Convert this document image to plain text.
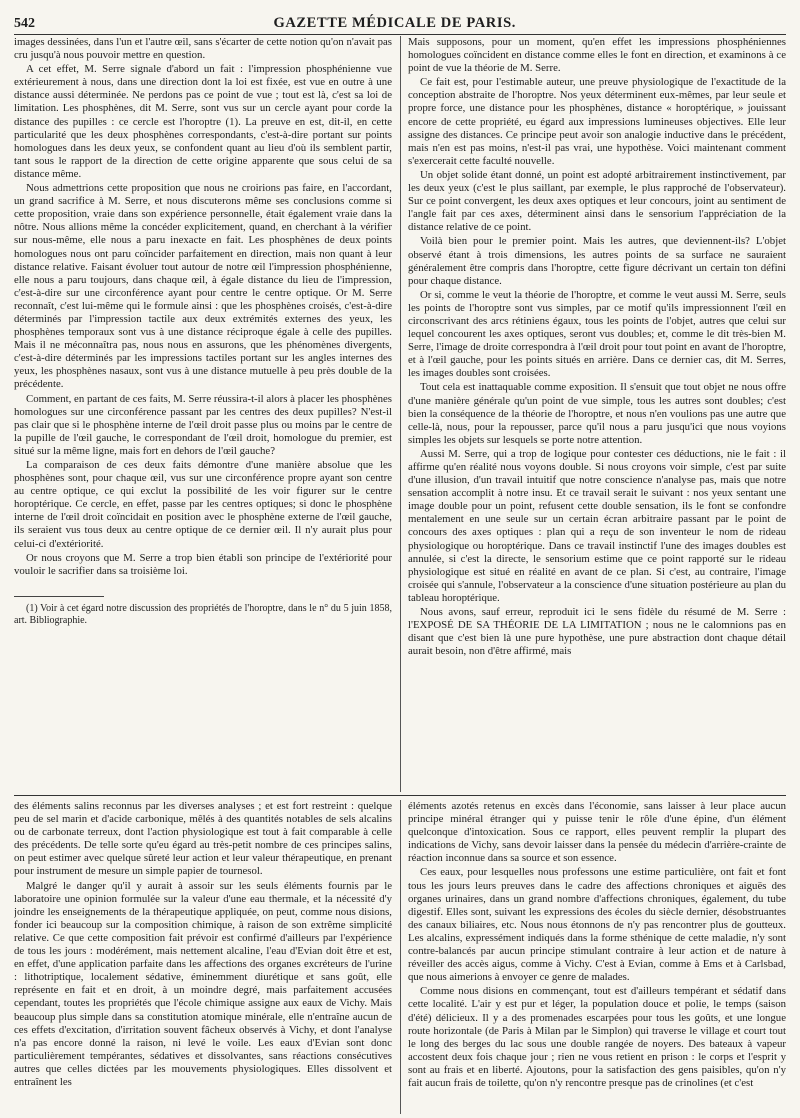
542	GAZETTE MÉDICALE DE PARIS.

images dessinées, dans l'un et l'autre œil, sans s'écarter de cette notion qu'on n'avait pas cru jusqu'à nous pouvoir mettre en question.

A cet effet, M. Serre signale d'abord un fait : l'impression phosphénienne vue extérieurement à nous, dans une direction dont la loi est fixée, est vue en outre à une distance aussi déterminée. Ne perdons pas ce point de vue ; tout est là, c'est sa loi de limitation. Les phosphènes, dit M. Serre, sont vus sur un cercle ayant pour corde la distance des pupilles : ce cercle est l'horoptre (1). La preuve en est, dit-il, en cette particularité que les deux phosphènes correspondants, c'est-à-dire portant sur points homologues dans les deux yeux, se confondent quant au lieu d'où ils semblent partir, tant sous le rapport de la direction de cette origine apparente que sous celui de sa distance même.

Nous admettrions cette proposition que nous ne croirions pas faire, en l'accordant, un grand sacrifice à M. Serre, et nous discuterons même ses conclusions comme si cette proposition, vraie dans son expérience personnelle, était également vraie dans la nôtre. Nous allions même la concéder explicitement, quand, en cherchant à la vérifier sur nous-même, elle nous a paru inexacte en fait. Les phosphènes de deux points homologues nous ont paru coïncider parfaitement en direction, mais non quant à leur distance relative. Faisant évoluer tout autour de notre œil l'impression phosphénienne, elle nous a paru toujours, dans chaque œil, à égale distance du lieu de l'impression, c'est-à-dire sur une circonférence ayant pour centre le centre optique. Or M. Serre reconnaît, c'est lui-même qui le formule ainsi : que les phosphènes croisés, c'est-à-dire déterminés par l'impression tactile aux deux extrémités externes des yeux, les phosphènes temporaux sont vus à une distance réciproque égale à celle des pupilles. Mais il ne méconnaîtra pas, nous nous en assurons, que les phénomènes divergents, c'est-à-dire déterminés par les impressions tactiles portant sur les angles internes des yeux, les phosphènes nasaux, sont vus à une distance mutuelle à peu près double de la précédente.

Comment, en partant de ces faits, M. Serre réussira-t-il alors à placer les phosphènes homologues sur une circonférence passant par les centres des deux pupilles? N'est-il pas clair que si le phosphène interne de l'œil droit passe plus ou moins par le centre de la pupille de l'œil gauche, le correspondant de l'œil droit, homologue du premier, est situé sur la même ligne, mais fort en dehors de l'œil gauche?

La comparaison de ces deux faits démontre d'une manière absolue que les phosphènes sont, pour chaque œil, vus sur une circonférence propre ayant son centre au centre optique, ce qui exclut la possibilité de les voir figurer sur le centre horoptérique. Ce cercle, en effet, passe par les centres optiques; si donc le phosphène interne de l'œil droit coïncidait en position avec le phosphène externe de l'œil gauche, ils seraient vus tous deux au centre optique de ce dernier œil. Il n'y aurait plus pour celui-ci d'extériorité.

Or nous croyons que M. Serre a trop bien établi son principe de l'extériorité pour vouloir le sacrifier dans sa troisième loi.

(1) Voir à cet égard notre discussion des propriétés de l'horoptre, dans le n° du 5 juin 1858, art. Bibliographie.

Mais supposons, pour un moment, qu'en effet les impressions phosphéniennes homologues coïncident en distance comme elles le font en direction, et examinons à ce point de vue la théorie de M. Serre.

Ce fait est, pour l'estimable auteur, une preuve physiologique de l'exactitude de la conception abstraite de l'horoptre. Nos yeux déterminent eux-mêmes, par leur seule et propre force, une distance pour les phosphènes, distance « horoptérique, » jouissant encore de cette propriété, eu égard aux impressions lumineuses objectives. Elle leur assigne des distances. Ce principe peut avoir son analogie inductive dans le précédent, mais n'en est pas moins, n'est-il pas vrai, une hypothèse. Voici maintenant comment s'exercerait cette faculté nouvelle.

Un objet solide étant donné, un point est adopté arbitrairement instinctivement, par les deux yeux (c'est le plus saillant, par exemple, le plus rapproché de l'observateur). Sur ce point convergent, les deux axes optiques et leur concours, joint au sentiment de l'angle fait par ces axes, déterminent ainsi dans le sensorium l'appréciation de la distance relative de ce point.

Voilà bien pour le premier point. Mais les autres, que deviennent-ils? L'objet observé étant à trois dimensions, les autres points de sa surface ne sauraient généralement être compris dans l'horoptre, cette figure décrivant un certain ton défini pour chaque distance.

Or si, comme le veut la théorie de l'horoptre, et comme le veut aussi M. Serre, seuls les points de l'horoptre sont vus simples, par ce motif qu'ils impressionnent l'œil en circonscrivant des arcs rétiniens égaux, tous les points de l'objet, autres que celui sur lequel concourent les axes optiques, seront vus doubles; et, comme le dit très-bien M. Serre, l'image de droite correspondra à l'œil droit pour tout point en avant de l'horoptre, et à l'œil gauche, pour les points situés en arrière. Dans ce dernier cas, dit M. Serres, les images doubles sont croisées.

Tout cela est inattaquable comme exposition. Il s'ensuit que tout objet ne nous offre d'une manière générale qu'un point de vue simple, tous les autres sont doubles; c'est bien la conséquence de la théorie de l'horoptre, et nous n'en voulions pas une autre que celle-là, nous, pour la repousser, parce qu'il nous a paru jusqu'ici que nous voyions simples les objets sur lesquels se porte notre attention.

Aussi M. Serre, qui a trop de logique pour contester ces déductions, nie le fait : il affirme qu'en réalité nous voyons double. Si nous croyons voir simple, c'est par suite d'une illusion, d'un travail intuitif que notre conscience n'analyse pas, mais que notre sensation accomplit à notre insu. Et ce travail serait le suivant : nos yeux sentant une image double pour un point, refusent cette double sensation, ils le font se confondre mentalement en une seule sur un certain écran arbitraire passant par le point de concours des axes optiques : plan qui a reçu de son inventeur le nom de rideau physiologique ou horoptérique. Dans ce travail instinctif l'une des images doubles est annulée, si c'est la directe, le sensorium estime que ce point rapporté sur le rideau physiologique est situé en réalité en avant de ce plan. Si c'est, au contraire, l'image croisée qui s'annule, l'observateur a la conscience d'une situation postérieure au plan du tableau horoptérique.

Nous avons, sauf erreur, reproduit ici le sens fidèle du résumé de M. Serre : l'EXPOSÉ DE SA THÉORIE DE LA LIMITATION ; nous ne le calomnions pas en disant que c'est bien là une pure hypothèse, une pure abstraction dont chaque détail aurait besoin, non d'être affirmé, mais

des éléments salins reconnus par les diverses analyses ; et est fort restreint : quelque peu de sel marin et d'acide carbonique, mêlés à des quantités notables de sels alcalins ou de carbonate terreux, dont l'action physiologique est tout à fait comparable à celle des précédents. De telle sorte qu'eu égard au très-petit nombre de ces principes salins, on peut estimer avec quelque sûreté leur action et leur valeur thérapeutique, en prenant pour instrument de mesure un simple papier de tournesol.

Malgré le danger qu'il y aurait à assoir sur les seuls éléments fournis par le laboratoire une opinion formulée sur la valeur d'une eau thermale, et la nécessité d'y joindre les enseignements de la thérapeutique appliquée, on peut, comme nous disions, fonder ici beaucoup sur la composition chimique, à raison de son extrême simplicité relative. Ce que cette composition fait prévoir est confirmé d'ailleurs par l'expérience de tous les jours : modérément, mais nettement alcaline, l'eau d'Evian doit être et est, en effet, d'une application parfaite dans les affections des organes excréteurs de l'urine : lithotriptique, localement sédative, éminemment diurétique et sans goût, elle représente en fait et en droit, à un moindre degré, mais parfaitement accusées cependant, toutes les propriétés que l'école chimique assigne aux eaux de Vichy. Mais beaucoup plus simple dans sa constitution atomique minérale, elle n'entraîne aucun de ces effets d'excitation, d'irritation souvent fâcheux observés à Vichy, et dont l'analyse n'a pas encore donné la raison, ni levé le voile. Les eaux d'Evian sont donc particulièrement tempérantes, sédatives et dissolvantes, sans réactions consécutives autres que celles dictées par les mouvements physiologiques. Elles dissolvent et entraînent les

éléments azotés retenus en excès dans l'économie, sans laisser à leur place aucun principe minéral étranger qui y puisse tenir le rôle d'une épine, d'un élément quelconque d'intoxication. Sous ce rapport, elles peuvent remplir la plupart des indications de Vichy, sans devoir laisser dans la pensée du médecin d'arrière-crainte de réaction inconnue dans sa source et son essence.

Ces eaux, pour lesquelles nous professons une estime particulière, ont fait et font tous les jours leurs preuves dans le cadre des affections chroniques et aiguës des organes urinaires, dans un grand nombre d'affections chroniques, également, du tube digestif. Elles sont, suivant les expressions des écoles du siècle dernier, désobstruantes des canaux biliaires, etc. Nous nous étonnons de n'y pas rencontrer plus de goutteux. Les alcalins, expressément indiqués dans la forme sthénique de cette maladie, n'y sont contre-balancés par aucun principe stimulant contraire à leur action et de nature à réveiller des accès aigus, comme à Vichy. C'est à Evian, comme à Ems et à Carlsbad, que nous aimerions à envoyer ce genre de malades.

Comme nous disions en commençant, tout est d'ailleurs tempérant et sédatif dans cette localité. L'air y est pur et léger, la population douce et polie, le temps (saison d'été) délicieux. Il y a des promenades escarpées pour tous les goûts, et une longue route horizontale (de Paris à Milan par le Simplon) qui traverse le village et court tout le long des berges du lac sous une double rangée de noyers. Des bateaux à vapeur accostent deux fois chaque jour ; rien ne vous retient en prison : le corps et l'esprit y sont au frais et en liberté. Ajoutons, pour la satisfaction des gens paisibles, qu'on n'y fait aucun frais de toilette, qu'on n'y rencontre presque pas de crinolines (et c'est
